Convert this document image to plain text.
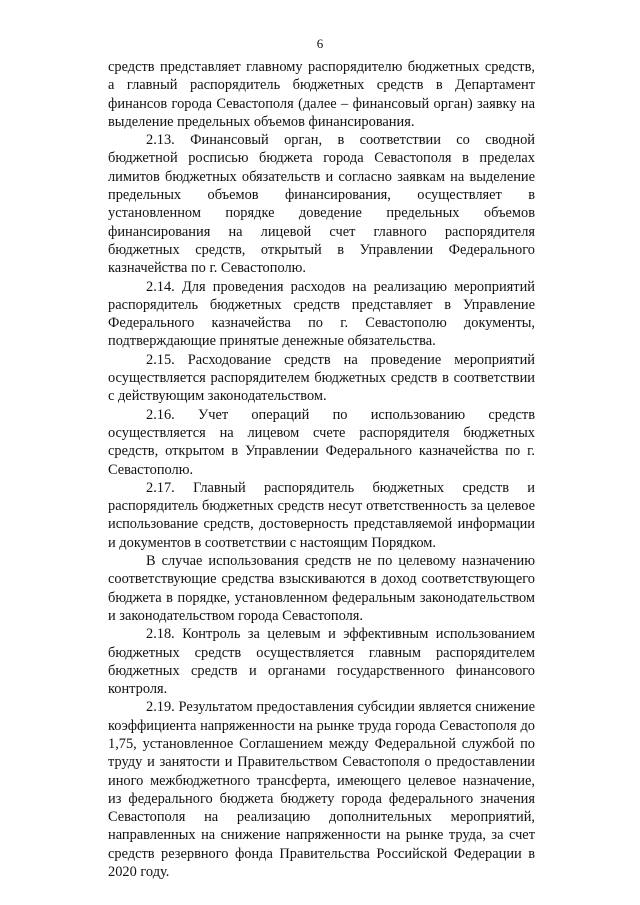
6

средств представляет главному распорядителю бюджетных средств, а главный распорядитель бюджетных средств в Департамент финансов города Севастополя (далее – финансовый орган) заявку на выделение предельных объемов финансирования.

2.13. Финансовый орган, в соответствии со сводной бюджетной росписью бюджета города Севастополя в пределах лимитов бюджетных обязательств и согласно заявкам на выделение предельных объемов финансирования, осуществляет в установленном порядке доведение предельных объемов финансирования на лицевой счет главного распорядителя бюджетных средств, открытый в Управлении Федерального казначейства по г. Севастополю.

2.14. Для проведения расходов на реализацию мероприятий распорядитель бюджетных средств представляет в Управление Федерального казначейства по г. Севастополю документы, подтверждающие принятые денежные обязательства.

2.15. Расходование средств на проведение мероприятий осуществляется распорядителем бюджетных средств в соответствии с действующим законодательством.

2.16. Учет операций по использованию средств осуществляется на лицевом счете распорядителя бюджетных средств, открытом в Управлении Федерального казначейства по г. Севастополю.

2.17. Главный распорядитель бюджетных средств и распорядитель бюджетных средств несут ответственность за целевое использование средств, достоверность представляемой информации и документов в соответствии с настоящим Порядком.

В случае использования средств не по целевому назначению соответствующие средства взыскиваются в доход соответствующего бюджета в порядке, установленном федеральным законодательством и законодательством города Севастополя.

2.18. Контроль за целевым и эффективным использованием бюджетных средств осуществляется главным распорядителем бюджетных средств и органами государственного финансового контроля.

2.19. Результатом предоставления субсидии является снижение коэффициента напряженности на рынке труда города Севастополя до 1,75, установленное Соглашением между Федеральной службой по труду и занятости и Правительством Севастополя о предоставлении иного межбюджетного трансферта, имеющего целевое назначение, из федерального бюджета бюджету города федерального значения Севастополя на реализацию дополнительных мероприятий, направленных на снижение напряженности на рынке труда, за счет средств резервного фонда Правительства Российской Федерации в 2020 году.
